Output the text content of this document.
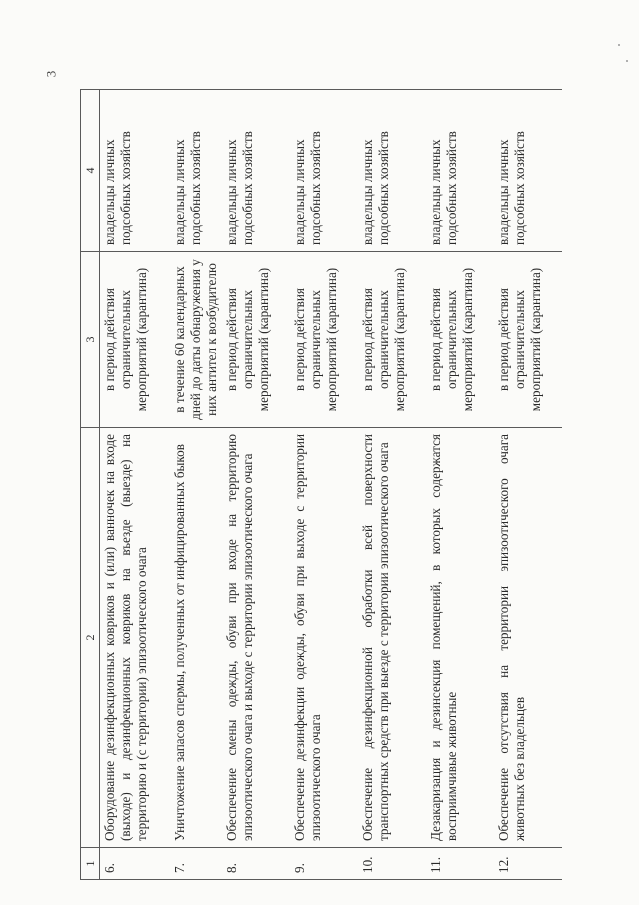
3
1	2	3	4
6.	Оборудование дезинфекционных ковриков и (или) ванночек на входе (выходе) и дезинфекционных ковриков на въезде (выезде) на территорию и (с территории) эпизоотического очага	в период действия ограничительных мероприятий (карантина)	владельцы личных подсобных хозяйств
7.	Уничтожение запасов спермы, полученных от инфицированных быков	в течение 60 календарных дней до даты обнаружения у них антител к возбудителю	владельцы личных подсобных хозяйств
8.	Обеспечение смены одежды, обуви при входе на территорию эпизоотического очага и выходе с территории эпизоотического очага	в период действия ограничительных мероприятий (карантина)	владельцы личных подсобных хозяйств
9.	Обеспечение дезинфекции одежды, обуви при выходе с территории эпизоотического очага	в период действия ограничительных мероприятий (карантина)	владельцы личных подсобных хозяйств
10.	Обеспечение дезинфекционной обработки всей поверхности транспортных средств при выезде с территории эпизоотического очага	в период действия ограничительных мероприятий (карантина)	владельцы личных подсобных хозяйств
11.	Дезакаризация и дезинсекция помещений, в которых содержатся восприимчивые животные	в период действия ограничительных мероприятий (карантина)	владельцы личных подсобных хозяйств
12.	Обеспечение отсутствия на территории эпизоотического очага животных без владельцев	в период действия ограничительных мероприятий (карантина)	владельцы личных подсобных хозяйств
